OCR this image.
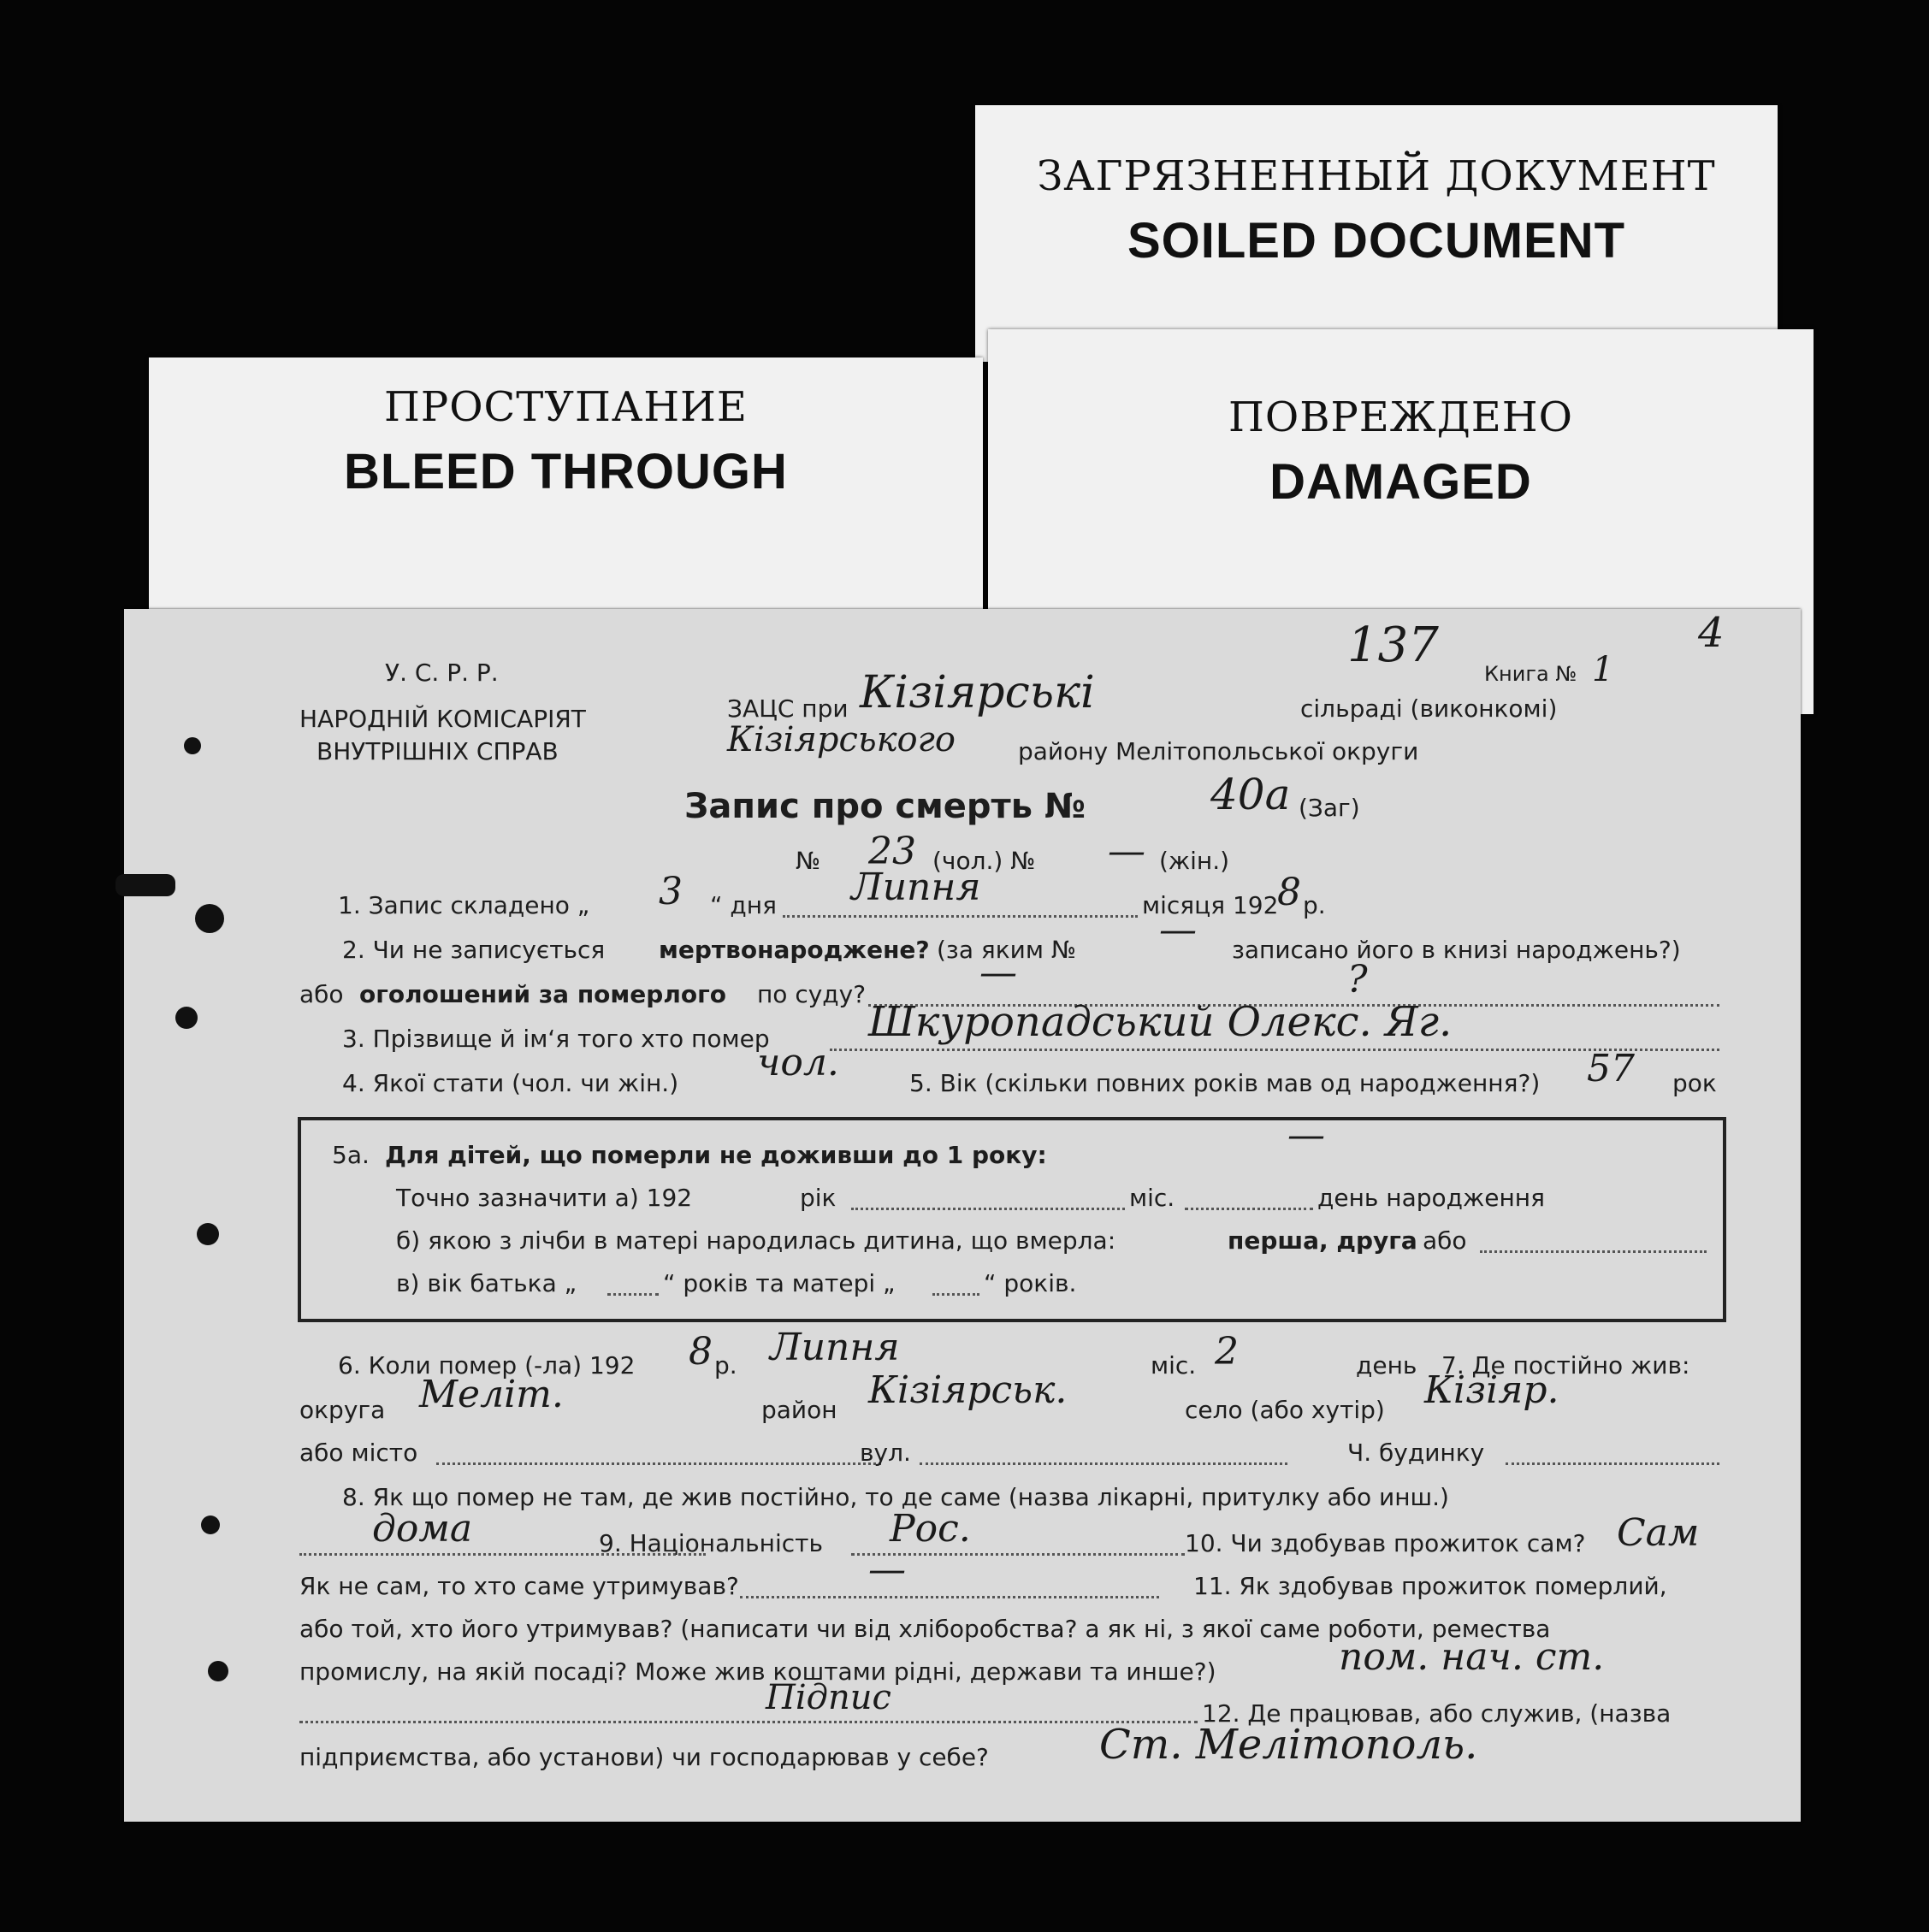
ЗАГРЯЗНЕННЫЙ ДОКУМЕНТ
SOILED DOCUMENT
ПРОСТУПАНИЕ
BLEED THROUGH
ПОВРЕЖДЕНО
DAMAGED
У. С. Р. Р.
НАРОДНІЙ КОМІСАРІЯТ
ВНУТРІШНІХ СПРАВ
ЗАЦС при Кізіярські	сільраді (виконкомі)
Кізіярського	району Мелітопольської округи
137
Книга № 1
4
Запис про смерть №	40а (Заг)
№ 23 (чол.) № — (жін.)
1. Запис складено „ 3 “ дня Липня	місяця 192
8 р.
2. Чи не записується мертвонароджене? (за яким № — записано його в книзі народжень?)
або оголошений за померлого по суду?	—	?
3. Прізвище й ім‘я того хто помер Шкуропадський Олекс. Яг.
4. Якої стати (чол. чи жін.) чол.	5. Вік (скільки повних років мав од народження?) 57 рок
5а. Для дітей, що померли не доживши до 1 року:	—
Точно зазначити а) 192	рік	міс.	день народження
б) якою з лічби в матері народилась дитина, що вмерла:	перша, друга або
в) вік батька „	“ років та матері „	“ років.
6. Коли помер (-ла) 192 8 р. Липня	міс. 2	день 7. Де постійно жив:
округа Меліт.	район Кізіярськ.	село (або хутір) Кізіяр.
або місто	вул.	Ч. будинку
8. Як що помер не там, де жив постійно, то де саме (назва лікарні, притулку або инш.)
дома	9. Національність Рос.	10. Чи здобував прожиток сам? Сам
Як не сам, то хто саме утримував?	—	11. Як здобував прожиток померлий,
або той, хто його утримував? (написати чи від хліборобства? а як ні, з якої саме роботи, ремества
промислу, на якій посаді? Може жив коштами рідні, держави та инше?)	пом. нач. ст.
Підпис	12. Де працював, або служив, (назва
підприємства, або установи) чи господарював у себе?	Ст. Мелітополь.
